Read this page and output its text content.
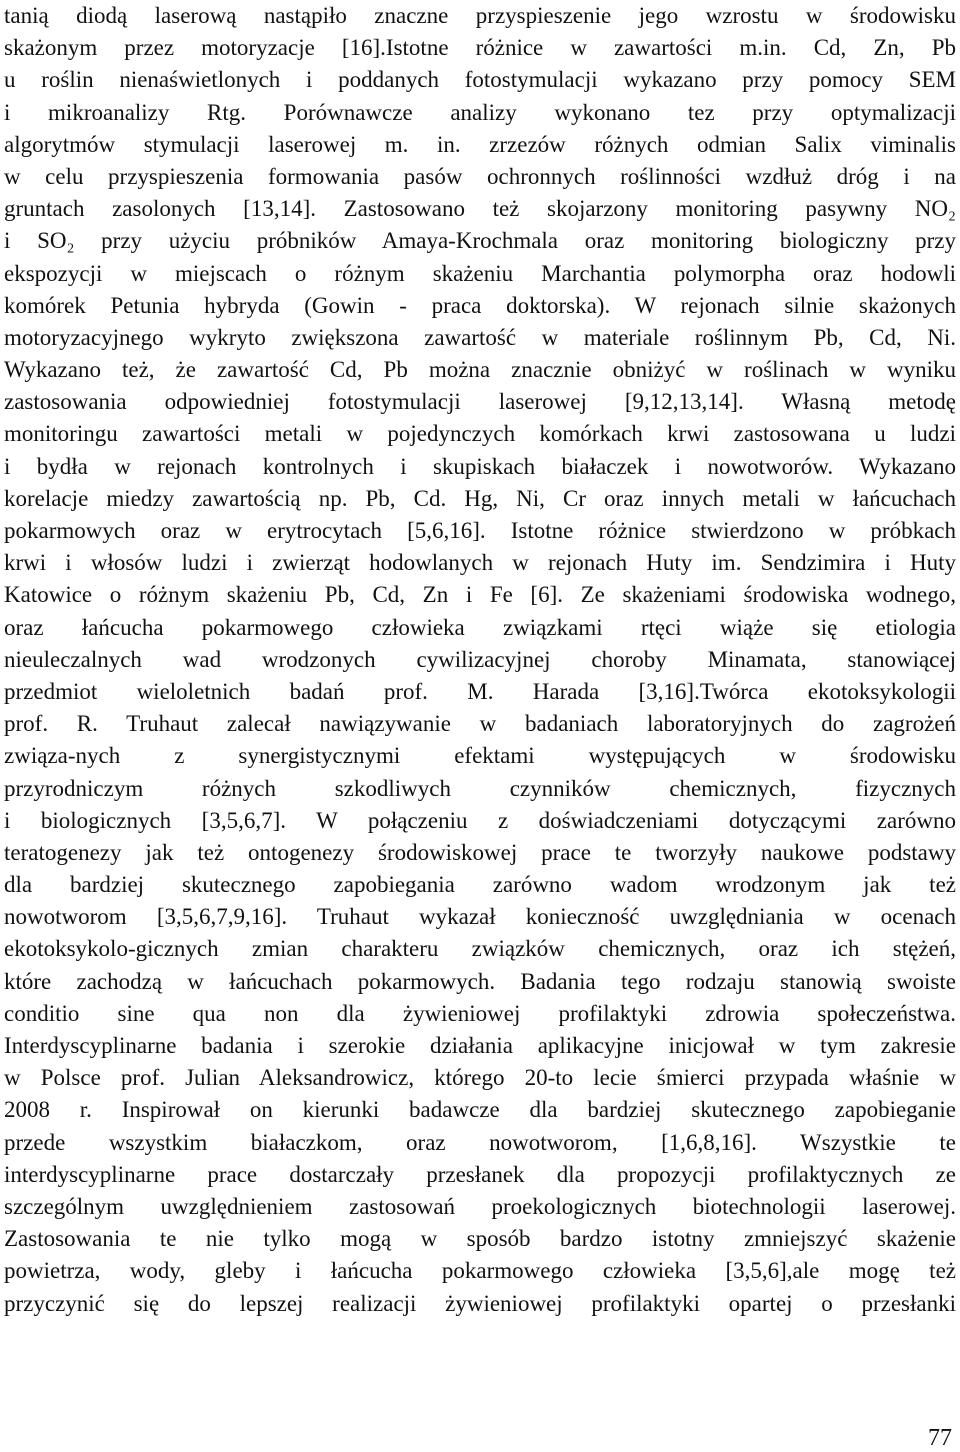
tanią diodą laserową nastąpiło znaczne przyspieszenie jego wzrostu w środowisku
skażonym przez motoryzacje [16].Istotne różnice w zawartości m.in. Cd, Zn, Pb
u roślin nienaświetlonych i poddanych fotostymulacji wykazano przy pomocy SEM
i mikroanalizy Rtg. Porównawcze analizy wykonano tez przy optymalizacji
algorytmów stymulacji laserowej m. in. zrzezów różnych odmian Salix viminalis
w celu przyspieszenia formowania pasów ochronnych roślinności wzdłuż dróg i na
gruntach zasolonych [13,14]. Zastosowano też skojarzony monitoring pasywny NO₂
i SO₂ przy użyciu próbników Amaya-Krochmala oraz monitoring biologiczny przy
ekspozycji w miejscach o różnym skażeniu Marchantia polymorpha oraz hodowli
komórek Petunia hybryda (Gowin - praca doktorska). W rejonach silnie skażonych
motoryzacyjnego wykryto zwiększona zawartość w materiale roślinnym Pb, Cd, Ni.
Wykazano też, że zawartość Cd, Pb można znacznie obniżyć w roślinach w wyniku
zastosowania odpowiedniej fotostymulacji laserowej [9,12,13,14]. Własną metodę
monitoringu zawartości metali w pojedynczych komórkach krwi zastosowana u ludzi
i bydła w rejonach kontrolnych i skupiskach białaczek i nowotworów. Wykazano
korelacje miedzy zawartością np. Pb, Cd. Hg, Ni, Cr oraz innych metali w łańcuchach
pokarmowych oraz w erytrocytach [5,6,16]. Istotne różnice stwierdzono w próbkach
krwi i włosów ludzi i zwierząt hodowlanych w rejonach Huty im. Sendzimira i Huty
Katowice o różnym skażeniu Pb, Cd, Zn i Fe [6]. Ze skażeniami środowiska wodnego,
oraz łańcucha pokarmowego człowieka związkami rtęci wiąże się etiologia
nieuleczalnych wad wrodzonych cywilizacyjnej choroby Minamata, stanowiącej
przedmiot wieloletnich badań prof. M. Harada [3,16].Twórca ekotoksykologii
prof. R. Truhaut zalecał nawiązywanie w badaniach laboratoryjnych do zagrożeń
związa-nych z synergistycznymi efektami występujących w środowisku
przyrodniczym różnych szkodliwych czynników chemicznych, fizycznych
i biologicznych [3,5,6,7]. W połączeniu z doświadczeniami dotyczącymi zarówno
teratogenezy jak też ontogenezy środowiskowej prace te tworzyły naukowe podstawy
dla bardziej skutecznego zapobiegania zarówno wadom wrodzonym jak też
nowotworom [3,5,6,7,9,16]. Truhaut wykazał konieczność uwzględniania w ocenach
ekotoksykolo-gicznych zmian charakteru związków chemicznych, oraz ich stężeń,
które zachodzą w łańcuchach pokarmowych. Badania tego rodzaju stanowią swoiste
conditio sine qua non dla żywieniowej profilaktyki zdrowia społeczeństwa.
Interdyscyplinarne badania i szerokie działania aplikacyjne inicjował w tym zakresie
w Polsce prof. Julian Aleksandrowicz, którego 20-to lecie śmierci przypada właśnie w
2008 r. Inspirował on kierunki badawcze dla bardziej skutecznego zapobieganie
przede wszystkim białaczkom, oraz nowotworom, [1,6,8,16]. Wszystkie te
interdyscyplinarne prace dostarczały przesłanek dla propozycji profilaktycznych ze
szczególnym uwzględnieniem zastosowań proekologicznych biotechnologii laserowej.
Zastosowania te nie tylko mogą w sposób bardzo istotny zmniejszyć skażenie
powietrza, wody, gleby i łańcucha pokarmowego człowieka [3,5,6],ale mogę też
przyczynić się do lepszej realizacji żywieniowej profilaktyki opartej o przesłanki
77
